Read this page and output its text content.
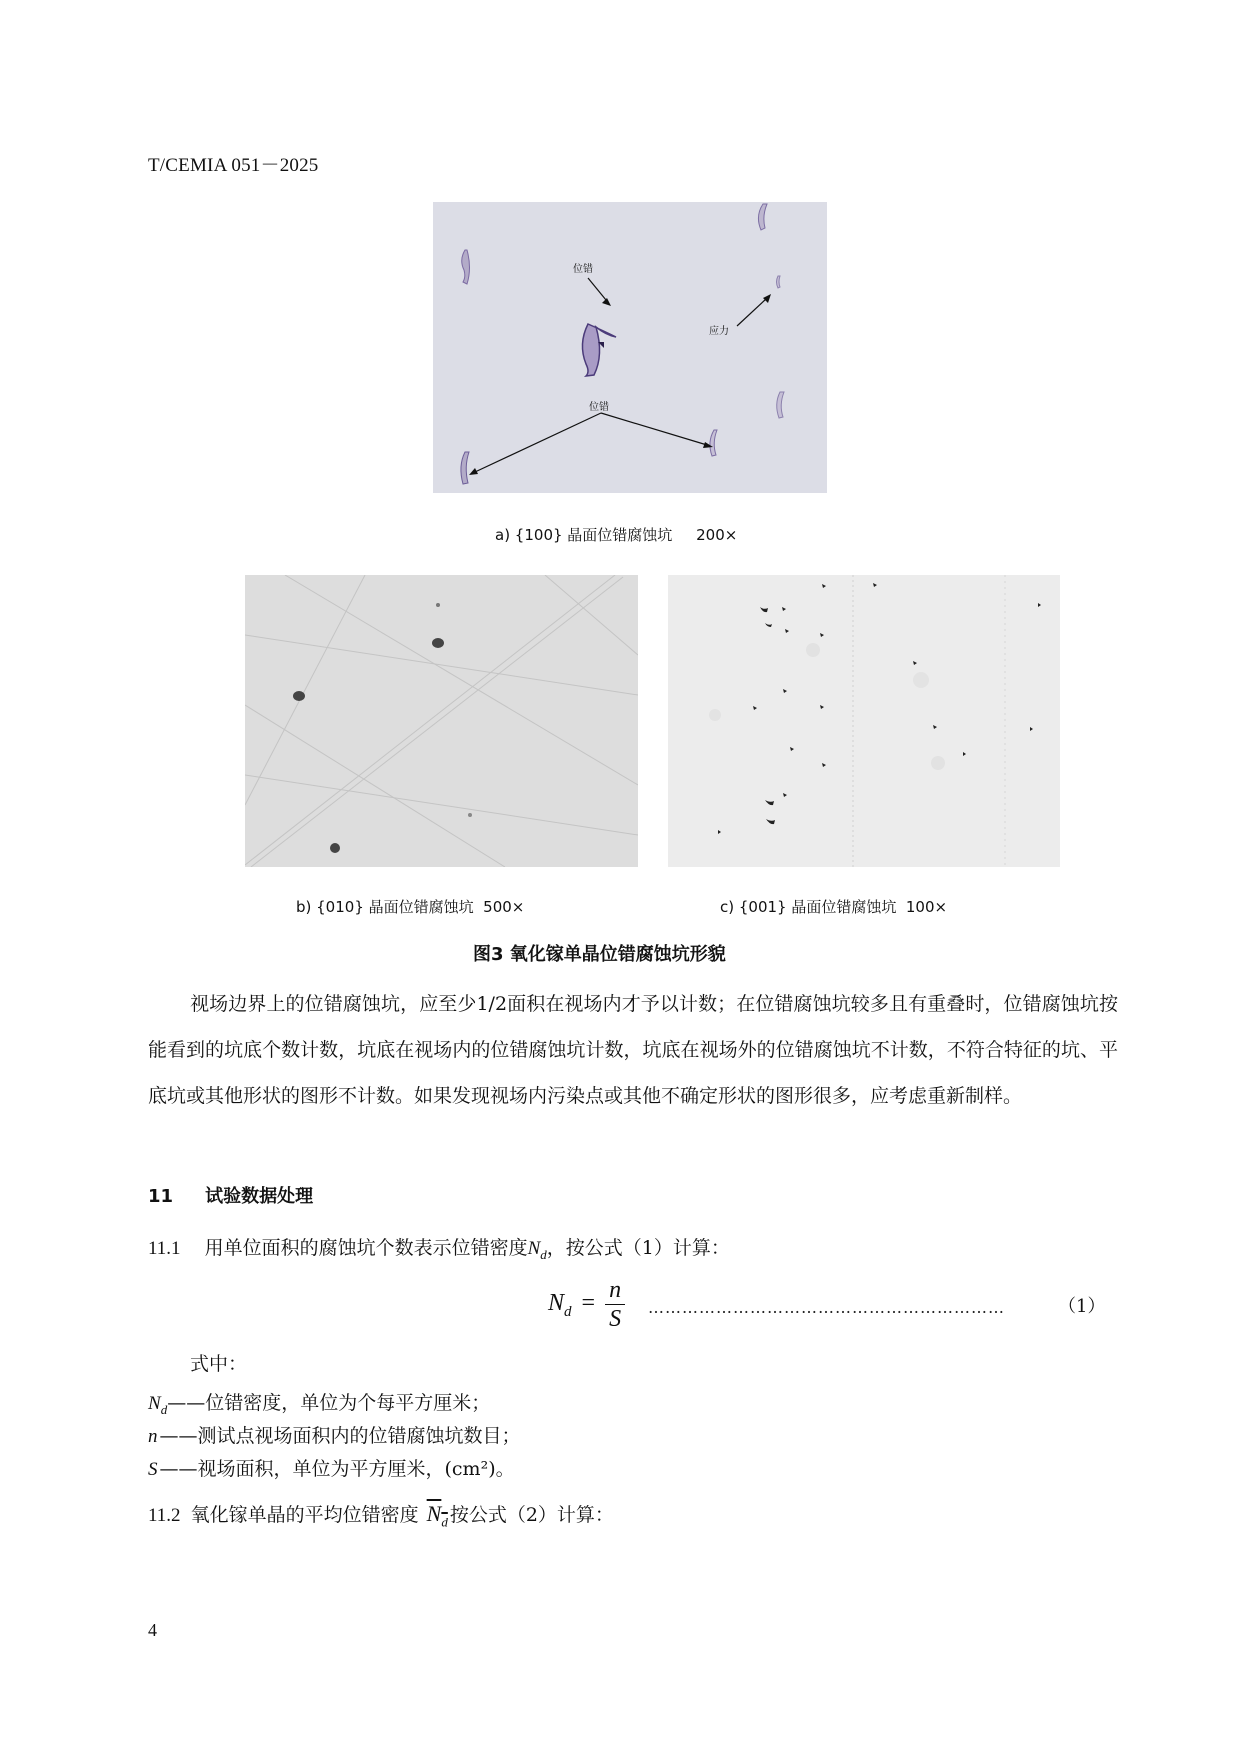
T/CEMIA 051－2025
位错
应力
位错
a) {100} 晶面位错腐蚀坑     200×
b) {010} 晶面位错腐蚀坑  500×	c) {001} 晶面位错腐蚀坑  100×
图3 氧化镓单晶位错腐蚀坑形貌
视场边界上的位错腐蚀坑，应至少1/2面积在视场内才予以计数；在位错腐蚀坑较多且有重叠时，位错腐蚀坑按能看到的坑底个数计数，坑底在视场内的位错腐蚀坑计数，坑底在视场外的位错腐蚀坑不计数，不符合特征的坑、平底坑或其他形状的图形不计数。如果发现视场内污染点或其他不确定形状的图形很多，应考虑重新制样。
11 试验数据处理
11.1 用单位面积的腐蚀坑个数表示位错密度$N_d$，按公式（1）计算：
$N_d = \frac{n}{S}$ ………………………………………………………	（1）
式中：
$N_d——$位错密度，单位为个每平方厘米；
n ——测试点视场面积内的位错腐蚀坑数目；
S ——视场面积，单位为平方厘米，(cm²)。
11.2 氧化镓单晶的平均位错密度 $N_d$ 按公式（2）计算：
4
